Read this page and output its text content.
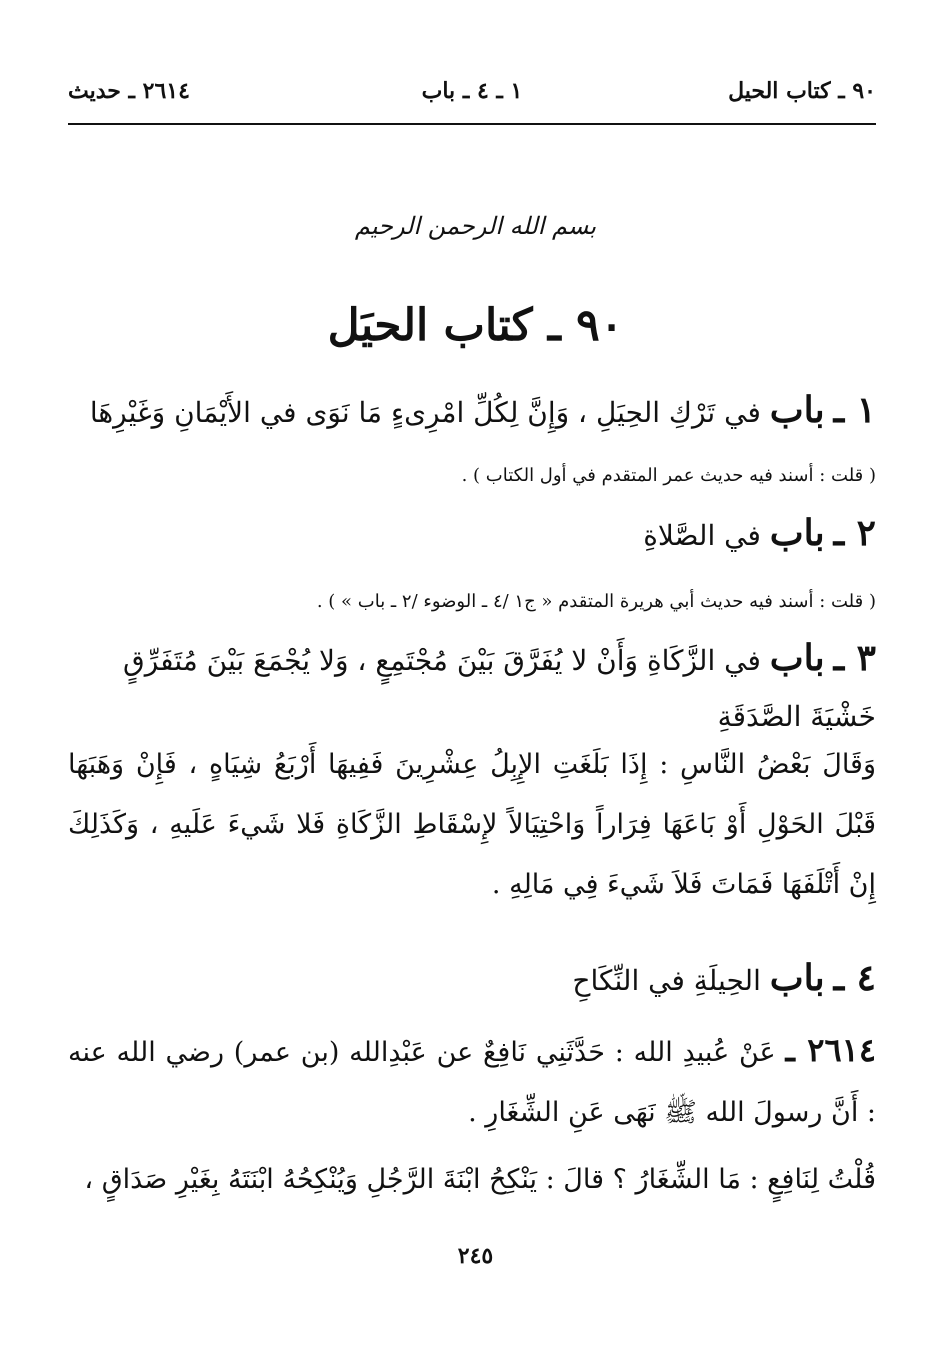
٩٠ ـ كتاب الحيل
١ ـ ٤ ـ باب
٢٦١٤ ـ حديث
بسم الله الرحمن الرحيم
٩٠ ـ كتاب الحيَل
١ ـ باب في تَرْكِ الحِيَلِ ، وَإِنَّ لِكُلِّ امْرِىءٍ مَا نَوَى في الأَيْمَانِ وَغَيْرِهَا
( قلت : أسند فيه حديث عمر المتقدم في أول الكتاب ) .
٢ ـ باب في الصَّلاةِ
( قلت : أسند فيه حديث أبي هريرة المتقدم « ج١ /٤ ـ الوضوء /٢ ـ باب » ) .
٣ ـ باب في الزَّكَاةِ وَأَنْ لا يُفَرَّقَ بَيْنَ مُجْتَمِعٍ ، وَلا يُجْمَعَ بَيْنَ مُتَفَرِّقٍ خَشْيَةَ الصَّدَقَةِ
وَقَالَ بَعْضُ النَّاسِ : إِذَا بَلَغَتِ الإِبِلُ عِشْرِينَ فَفِيهَا أَرْبَعُ شِيَاهٍ ، فَإِنْ وَهَبَهَا قَبْلَ الحَوْلِ أَوْ بَاعَهَا فِرَاراً وَاحْتِيَالاً لإِسْقَاطِ الزَّكَاةِ فَلا شَيءَ عَلَيهِ ، وَكَذَلِكَ إِنْ أَتْلَفَهَا فَمَاتَ فَلاَ شَيءَ فِي مَالِهِ .
٤ ـ باب الحِيلَةِ في النِّكَاحِ
٢٦١٤ ـ عَنْ عُبيدِ الله : حَدَّثَنِي نَافِعٌ عن عَبْدِالله (بن عمر) رضي الله عنه : أَنَّ رسولَ الله ﷺ نَهَى عَنِ الشِّغَارِ .
قُلْتُ لِنَافِعٍ : مَا الشِّغَارُ ؟ قالَ : يَنْكِحُ ابْنَةَ الرَّجُلِ وَيُنْكِحُهُ ابْنَتَهُ بِغَيْرِ صَدَاقٍ ،
٢٤٥
